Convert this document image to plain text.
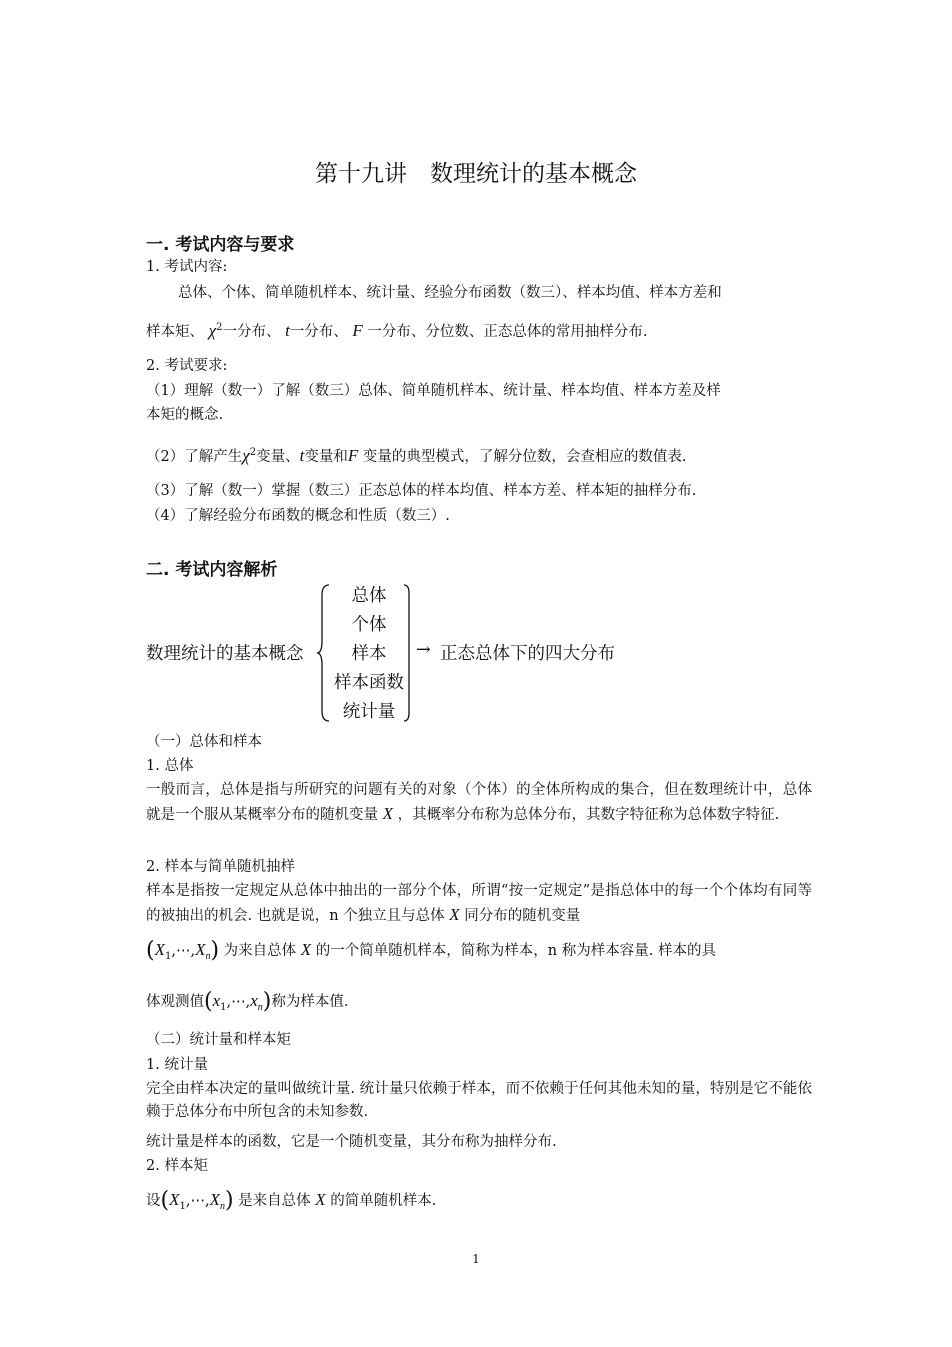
第十九讲　数理统计的基本概念
一. 考试内容与要求
1. 考试内容:
总体、个体、简单随机样本、统计量、经验分布函数（数三）、样本均值、样本方差和
样本矩、 $\chi^2$一分布、 t一分布、 F 一分布、分位数、正态总体的常用抽样分布.
2. 考试要求:
（1）理解（数一）了解（数三）总体、简单随机样本、统计量、样本均值、样本方差及样
本矩的概念.
（2）了解产生$\chi^2$变量、t变量和F 变量的典型模式，了解分位数，会查相应的数值表.
（3）了解（数一）掌握（数三）正态总体的样本均值、样本方差、样本矩的抽样分布.
（4）了解经验分布函数的概念和性质（数三）.
二. 考试内容解析
数理统计的基本概念
总体
个体
样本
样本函数
统计量
→ 正态总体下的四大分布
（一）总体和样本
1. 总体
一般而言，总体是指与所研究的问题有关的对象（个体）的全体所构成的集合，但在数理统计中，总体就是一个服从某概率分布的随机变量 X ，其概率分布称为总体分布，其数字特征称为总体数字特征.
2. 样本与简单随机抽样
样本是指按一定规定从总体中抽出的一部分个体，所谓“按一定规定”是指总体中的每一个个体均有同等的被抽出的机会. 也就是说，n 个独立且与总体 X 同分布的随机变量
$(X_1,\cdots,X_n)$ 为来自总体 X 的一个简单随机样本，简称为样本，n 称为样本容量. 样本的具
体观测值$(x_1,\cdots,x_n)$称为样本值.
（二）统计量和样本矩
1. 统计量
完全由样本决定的量叫做统计量. 统计量只依赖于样本，而不依赖于任何其他未知的量，特别是它不能依赖于总体分布中所包含的未知参数.
统计量是样本的函数，它是一个随机变量，其分布称为抽样分布.
2. 样本矩
设$(X_1,\cdots,X_n)$ 是来自总体 X 的简单随机样本.
1
